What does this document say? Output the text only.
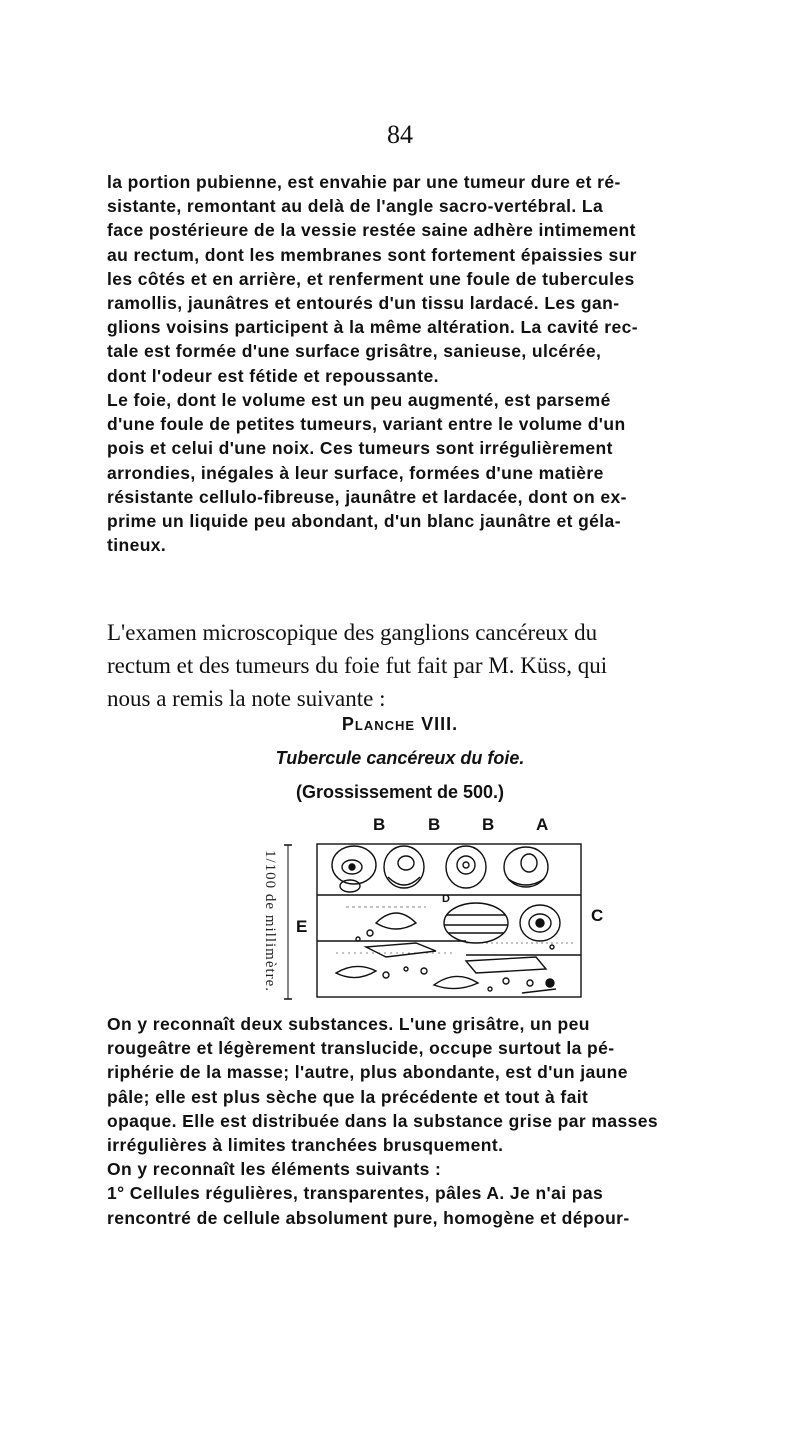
84
la portion pubienne, est envahie par une tumeur dure et ré-
sistante, remontant au delà de l'angle sacro-vertébral. La
face postérieure de la vessie restée saine adhère intimement
au rectum, dont les membranes sont fortement épaissies sur
les côtés et en arrière, et renferment une foule de tubercules
ramollis, jaunâtres et entourés d'un tissu lardacé. Les gan-
glions voisins participent à la même altération. La cavité rec-
tale est formée d'une surface grisâtre, sanieuse, ulcérée,
dont l'odeur est fétide et repoussante.
Le foie, dont le volume est un peu augmenté, est parsemé
d'une foule de petites tumeurs, variant entre le volume d'un
pois et celui d'une noix. Ces tumeurs sont irrégulièrement
arrondies, inégales à leur surface, formées d'une matière
résistante cellulo-fibreuse, jaunâtre et lardacée, dont on ex-
prime un liquide peu abondant, d'un blanc jaunâtre et géla-
tineux.
L'examen microscopique des ganglions cancéreux du
rectum et des tumeurs du foie fut fait par M. Küss, qui
nous a remis la note suivante :
Planche VIII.
Tubercule cancéreux du foie.
(Grossissement de 500.)
B	B B A
E
C
D
1/100 de millimètre.
On y reconnaît deux substances. L'une grisâtre, un peu
rougeâtre et légèrement translucide, occupe surtout la pé-
riphérie de la masse; l'autre, plus abondante, est d'un jaune
pâle; elle est plus sèche que la précédente et tout à fait
opaque. Elle est distribuée dans la substance grise par masses
irrégulières à limites tranchées brusquement.
On y reconnaît les éléments suivants :
1° Cellules régulières, transparentes, pâles A. Je n'ai pas
rencontré de cellule absolument pure, homogène et dépour-
